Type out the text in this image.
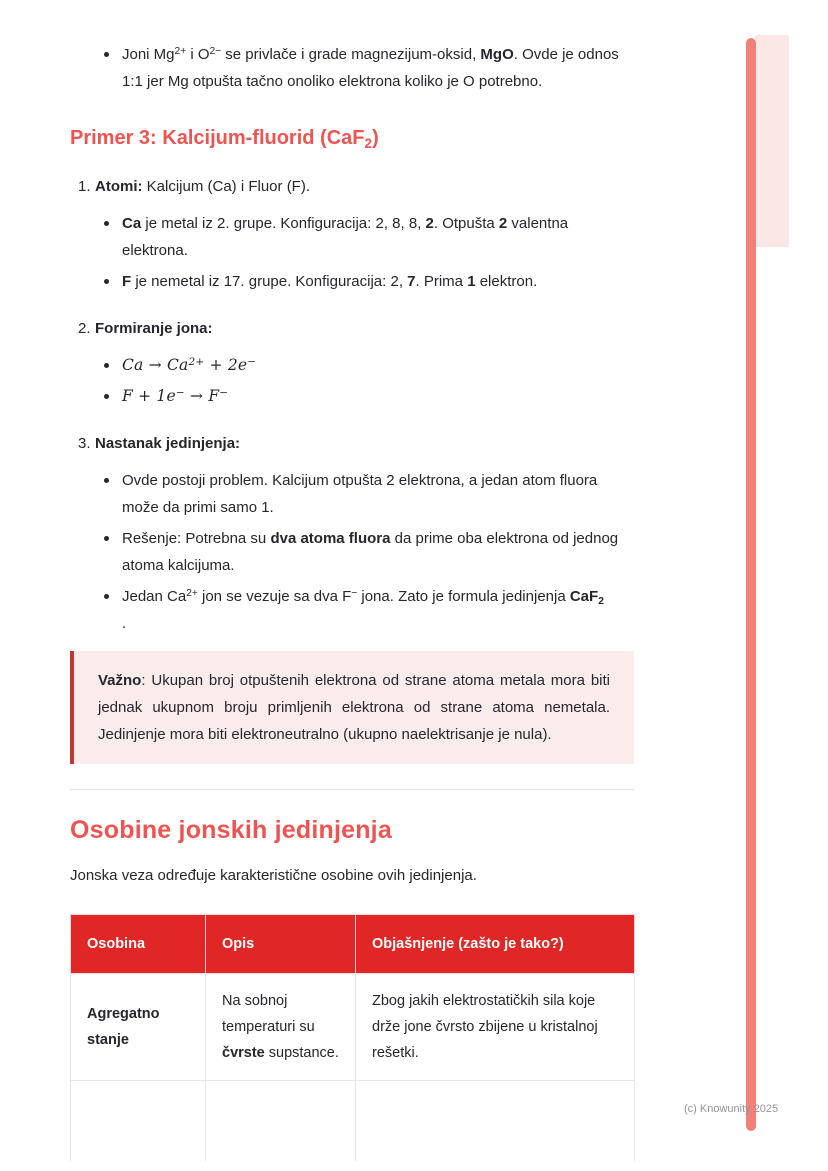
Joni $Mg^{2+}$ i $O^{2-}$ se privlače i grade magnezijum-oksid, MgO. Ovde je odnos 1:1 jer Mg otpušta tačno onoliko elektrona koliko je O potrebno.

Primer 3: Kalcijum-fluorid (CaF$_2$)
1. Atomi: Kalcijum (Ca) i Fluor (F).

Ca je metal iz 2. grupe. Konfiguracija: 2, 8, 8, 2. Otpušta 2 valentna elektrona.

F je nemetal iz 17. grupe. Konfiguracija: 2, 7. Prima 1 elektron.

2. Formiranje jona:

$Ca \to Ca^{2+} + 2e^-$

F + 1e− → F−

3. Nastanak jedinjenja:

Ovde postoji problem. Kalcijum otpušta 2 elektrona, a jedan atom fluora može da primi samo 1.

Rešenje: Potrebna su dva atoma fluora da prime oba elektrona od jednog atoma kalcijuma.

Jedan $Ca^{2+}$ jon se vezuje sa dva F− jona. Zato je formula jedinjenja CaF$_2$
.

Važno: Ukupan broj otpuštenih elektrona od strane atoma metala mora biti jednak ukupnom broju primljenih elektrona od strane atoma nemetala. Jedinjenje mora biti elektroneutralno (ukupno naelektrisanje je nula).

Osobine jonskih jedinjenja

Jonska veza određuje karakteristične osobine ovih jedinjenja.

Osobina	Opis	Objašnjenje (zašto je tako?)
Agregatno stanje	Na sobnoj temperaturi su čvrste supstance.	Zbog jakih elektrostatičkih sila koje drže jone čvrsto zbijene u kristalnoj rešetki.

(c) Knowunity 2025
